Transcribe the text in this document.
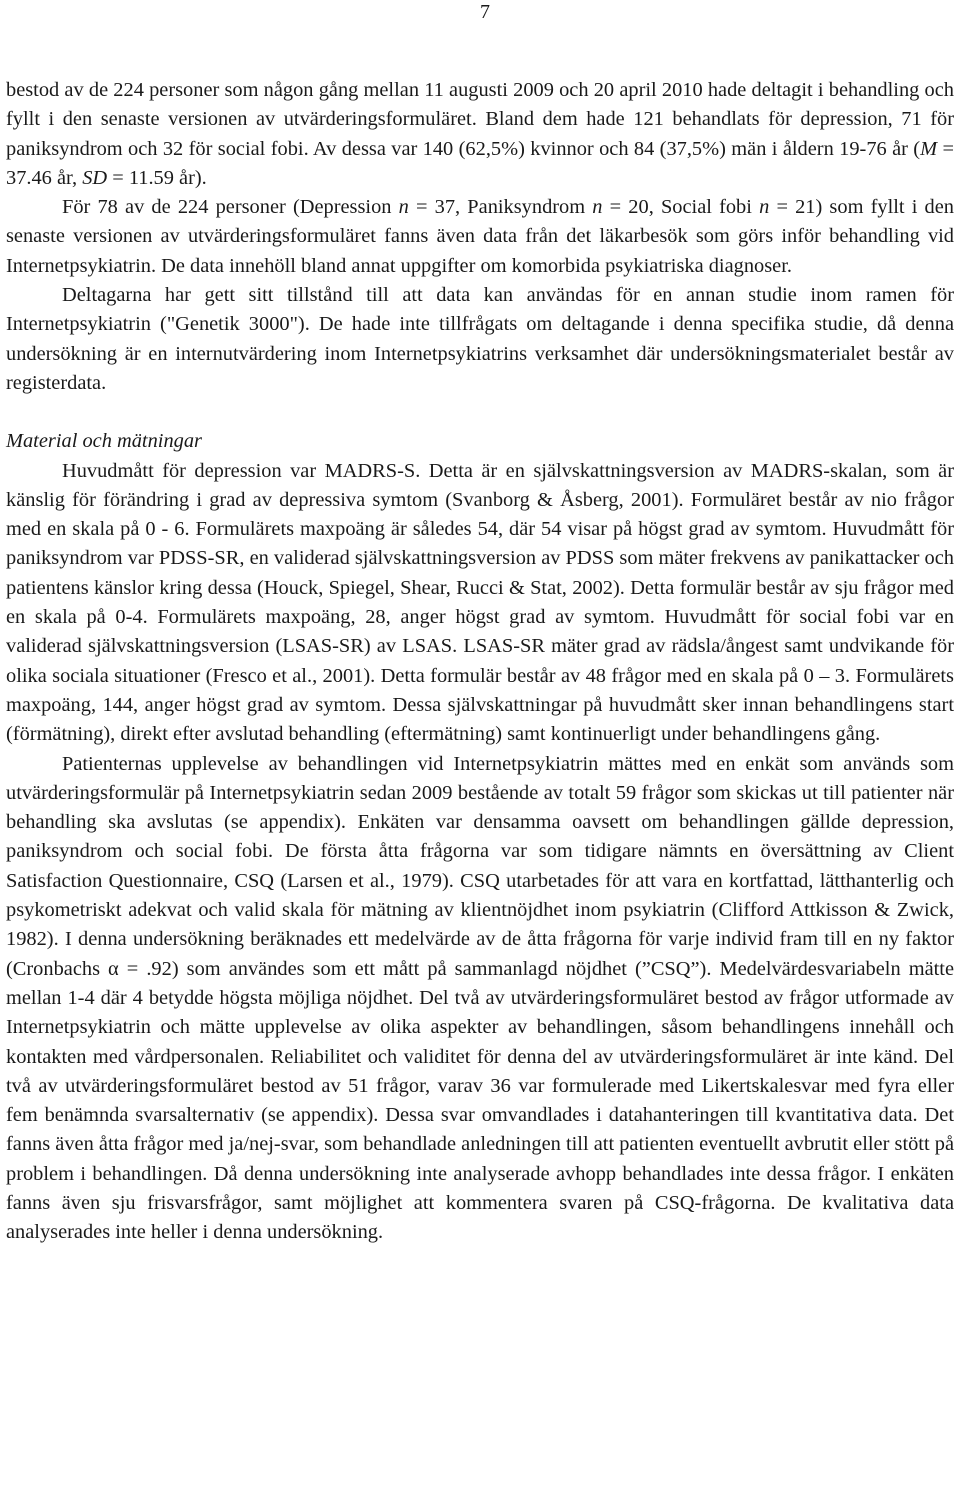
7

bestod av de 224 personer som någon gång mellan 11 augusti 2009 och 20 april 2010 hade deltagit i behandling och fyllt i den senaste versionen av utvärderingsformuläret. Bland dem hade 121 behandlats för depression, 71 för paniksyndrom och 32 för social fobi. Av dessa var 140 (62,5%) kvinnor och 84 (37,5%) män i åldern 19-76 år (M = 37.46 år, SD = 11.59 år).

För 78 av de 224 personer (Depression n = 37, Paniksyndrom n = 20, Social fobi n = 21) som fyllt i den senaste versionen av utvärderingsformuläret fanns även data från det läkarbesök som görs inför behandling vid Internetpsykiatrin. De data innehöll bland annat uppgifter om komorbida psykiatriska diagnoser.

Deltagarna har gett sitt tillstånd till att data kan användas för en annan studie inom ramen för Internetpsykiatrin ("Genetik 3000"). De hade inte tillfrågats om deltagande i denna specifika studie, då denna undersökning är en internutvärdering inom Internetpsykiatrins verksamhet där undersökningsmaterialet består av registerdata.

Material och mätningar

Huvudmått för depression var MADRS-S. Detta är en självskattningsversion av MADRS-skalan, som är känslig för förändring i grad av depressiva symtom (Svanborg & Åsberg, 2001). Formuläret består av nio frågor med en skala på 0 - 6. Formulärets maxpoäng är således 54, där 54 visar på högst grad av symtom. Huvudmått för paniksyndrom var PDSS-SR, en validerad självskattningsversion av PDSS som mäter frekvens av panikattacker och patientens känslor kring dessa (Houck, Spiegel, Shear, Rucci & Stat, 2002). Detta formulär består av sju frågor med en skala på 0-4. Formulärets maxpoäng, 28, anger högst grad av symtom. Huvudmått för social fobi var en validerad självskattningsversion (LSAS-SR) av LSAS. LSAS-SR mäter grad av rädsla/ångest samt undvikande för olika sociala situationer (Fresco et al., 2001). Detta formulär består av 48 frågor med en skala på 0 – 3. Formulärets maxpoäng, 144, anger högst grad av symtom. Dessa självskattningar på huvudmått sker innan behandlingens start (förmätning), direkt efter avslutad behandling (eftermätning) samt kontinuerligt under behandlingens gång.

Patienternas upplevelse av behandlingen vid Internetpsykiatrin mättes med en enkät som används som utvärderingsformulär på Internetpsykiatrin sedan 2009 bestående av totalt 59 frågor som skickas ut till patienter när behandling ska avslutas (se appendix). Enkäten var densamma oavsett om behandlingen gällde depression, paniksyndrom och social fobi. De första åtta frågorna var som tidigare nämnts en översättning av Client Satisfaction Questionnaire, CSQ (Larsen et al., 1979). CSQ utarbetades för att vara en kortfattad, lätthanterlig och psykometriskt adekvat och valid skala för mätning av klientnöjdhet inom psykiatrin (Clifford Attkisson & Zwick, 1982). I denna undersökning beräknades ett medelvärde av de åtta frågorna för varje individ fram till en ny faktor (Cronbachs α = .92) som användes som ett mått på sammanlagd nöjdhet (”CSQ”). Medelvärdesvariabeln mätte mellan 1-4 där 4 betydde högsta möjliga nöjdhet. Del två av utvärderingsformuläret bestod av frågor utformade av Internetpsykiatrin och mätte upplevelse av olika aspekter av behandlingen, såsom behandlingens innehåll och kontakten med vårdpersonalen. Reliabilitet och validitet för denna del av utvärderingsformuläret är inte känd. Del två av utvärderingsformuläret bestod av 51 frågor, varav 36 var formulerade med Likertskalesvar med fyra eller fem benämnda svarsalternativ (se appendix). Dessa svar omvandlades i datahanteringen till kvantitativa data. Det fanns även åtta frågor med ja/nej-svar, som behandlade anledningen till att patienten eventuellt avbrutit eller stött på problem i behandlingen. Då denna undersökning inte analyserade avhopp behandlades inte dessa frågor. I enkäten fanns även sju frisvarsfrågor, samt möjlighet att kommentera svaren på CSQ-frågorna. De kvalitativa data analyserades inte heller i denna undersökning.
